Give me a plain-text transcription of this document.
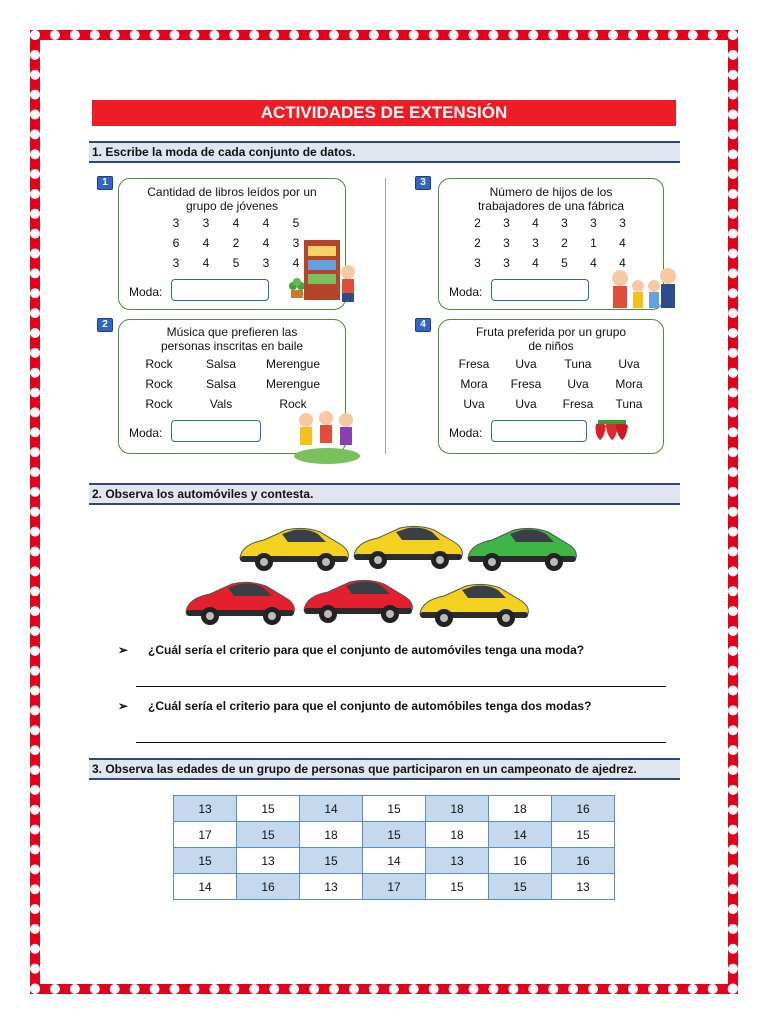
ACTIVIDADES DE EXTENSIÓN
1. Escribe la moda de cada conjunto de datos.
1
Cantidad de libros leídos por un
grupo de jóvenes
3	3	4	4	5
6	4	2	4	3
3	4	5	3	4
Moda:
2
Música que prefieren las
personas inscritas en baile
Rock	Salsa	Merengue
Rock	Salsa	Merengue
Rock	Vals	Rock
Moda:
3
Número de hijos de los
trabajadores de una fábrica
2	3	4	3	3	3
2	3	3	2	1	4
3	3	4	5	4	4
Moda:
4
Fruta preferida por un grupo
de niños
Fresa	Uva	Tuna	Uva
Mora	Fresa	Uva	Mora
Uva	Uva	Fresa	Tuna
Moda:
2. Observa los automóviles y contesta.
➢ ¿Cuál sería el criterio para que el conjunto de automóviles tenga una moda?
➢ ¿Cuál sería el criterio para que el conjunto de automóbiles tenga dos modas?
3. Observa las edades de un grupo de personas que participaron en un campeonato de ajedrez.
13	15	14	15	18	18	16
17	15	18	15	18	14	15
15	13	15	14	13	16	16
14	16	13	17	15	15	13
